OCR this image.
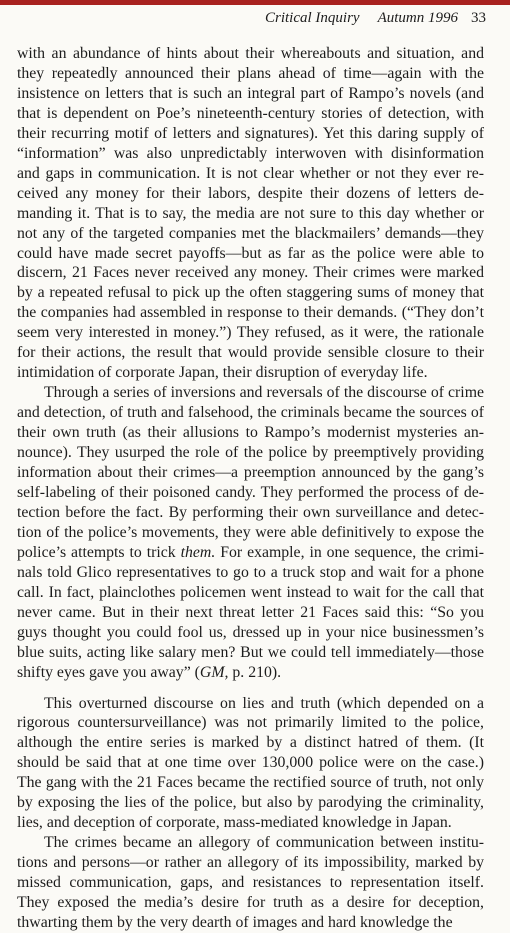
Critical Inquiry Autumn 1996 33

with an abundance of hints about their whereabouts and situation, and they repeatedly announced their plans ahead of time—again with the insistence on letters that is such an integral part of Rampo’s novels (and that is dependent on Poe’s nineteenth-century stories of detection, with their recurring motif of letters and signatures). Yet this daring supply of “information” was also unpredictably interwoven with disinformation and gaps in communication. It is not clear whether or not they ever received any money for their labors, despite their dozens of letters demanding it. That is to say, the media are not sure to this day whether or not any of the targeted companies met the blackmailers’ demands—they could have made secret payoffs—but as far as the police were able to discern, 21 Faces never received any money. Their crimes were marked by a repeated refusal to pick up the often staggering sums of money that the companies had assembled in response to their demands. (“They don’t seem very interested in money.”) They refused, as it were, the rationale for their actions, the result that would provide sensible closure to their intimidation of corporate Japan, their disruption of everyday life.

Through a series of inversions and reversals of the discourse of crime and detection, of truth and falsehood, the criminals became the sources of their own truth (as their allusions to Rampo’s modernist mysteries announce). They usurped the role of the police by preemptively providing information about their crimes—a preemption announced by the gang’s self-labeling of their poisoned candy. They performed the process of detection before the fact. By performing their own surveillance and detection of the police’s movements, they were able definitively to expose the police’s attempts to trick them. For example, in one sequence, the criminals told Glico representatives to go to a truck stop and wait for a phone call. In fact, plainclothes policemen went instead to wait for the call that never came. But in their next threat letter 21 Faces said this: “So you guys thought you could fool us, dressed up in your nice businessmen’s blue suits, acting like salary men? But we could tell immediately—those shifty eyes gave you away” (GM, p. 210).

This overturned discourse on lies and truth (which depended on a rigorous countersurveillance) was not primarily limited to the police, although the entire series is marked by a distinct hatred of them. (It should be said that at one time over 130,000 police were on the case.) The gang with the 21 Faces became the rectified source of truth, not only by exposing the lies of the police, but also by parodying the criminality, lies, and deception of corporate, mass-mediated knowledge in Japan.

The crimes became an allegory of communication between institutions and persons—or rather an allegory of its impossibility, marked by missed communication, gaps, and resistances to representation itself. They exposed the media’s desire for truth as a desire for deception, thwarting them by the very dearth of images and hard knowledge the
